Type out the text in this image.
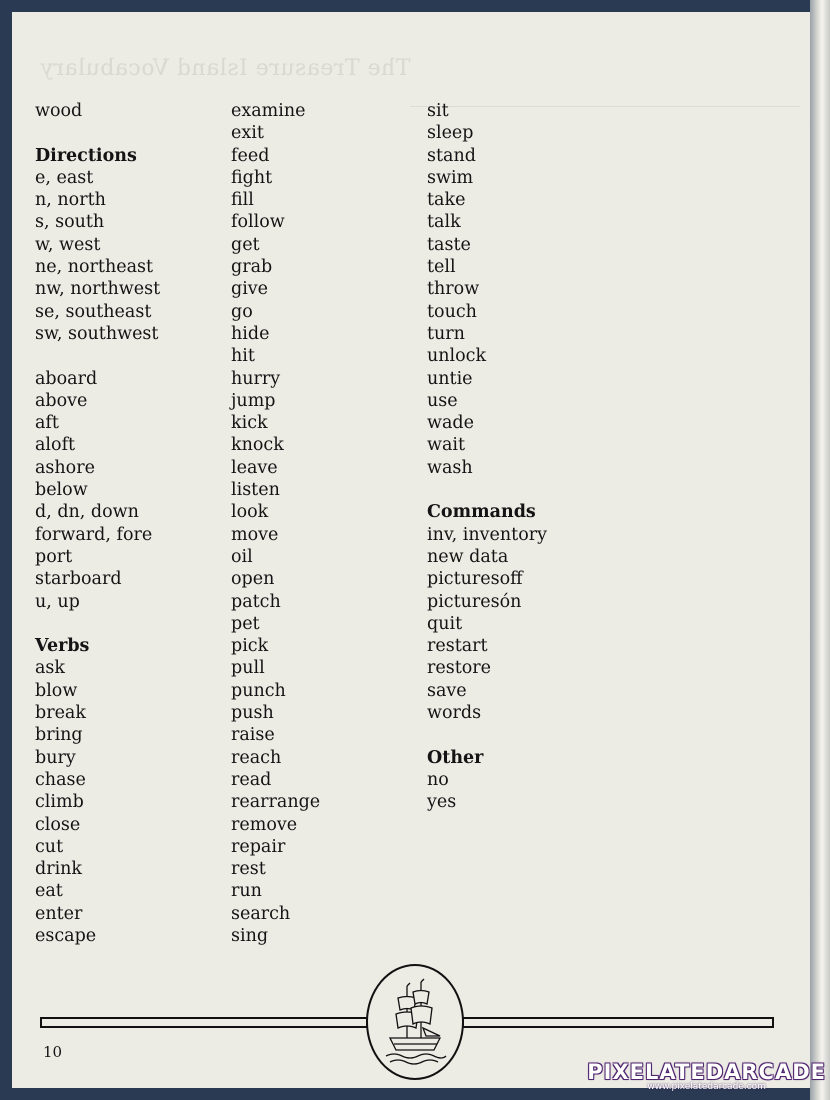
The Treasure Island Vocabulary
wood
Directions
e, east
n, north
s, south
w, west
ne, northeast
nw, northwest
se, southeast
sw, southwest
aboard
above
aft
aloft
ashore
below
d, dn, down
forward, fore
port
starboard
u, up
Verbs
ask
blow
break
bring
bury
chase
climb
close
cut
drink
eat
enter
escape
examine
exit
feed
fight
fill
follow
get
grab
give
go
hide
hit
hurry
jump
kick
knock
leave
listen
look
move
oil
open
patch
pet
pick
pull
punch
push
raise
reach
read
rearrange
remove
repair
rest
run
search
sing
sit
sleep
stand
swim
take
talk
taste
tell
throw
touch
turn
unlock
untie
use
wade
wait
wash
Commands
inv, inventory
new data
picturesoff
picturesón
quit
restart
restore
save
words
Other
no
yes
10
PIXELATEDARCADE
www.pixelatedarcade.com
